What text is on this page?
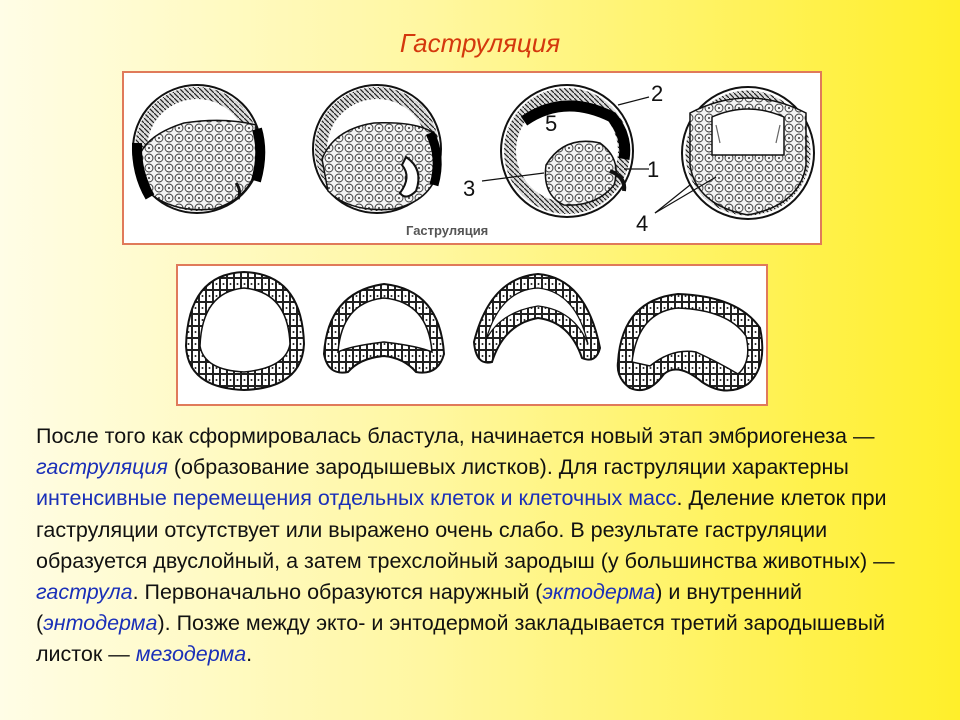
Гаструляция
2
5
1
3
4
Гаструляция

После того как сформировалась бластула, начинается новый этап эмбриогенеза — гаструляция (образование зародышевых листков). Для гаструляции характерны интенсивные перемещения отдельных клеток и клеточных масс. Деление клеток при гаструляции отсутствует или выражено очень слабо. В результате гаструляции образуется двуслойный, а затем трехслойный зародыш (у большинства животных) — гаструла. Первоначально образуются наружный (эктодерма) и внутренний (энтодерма). Позже между экто- и энтодермой закладывается третий зародышевый листок — мезодерма.
